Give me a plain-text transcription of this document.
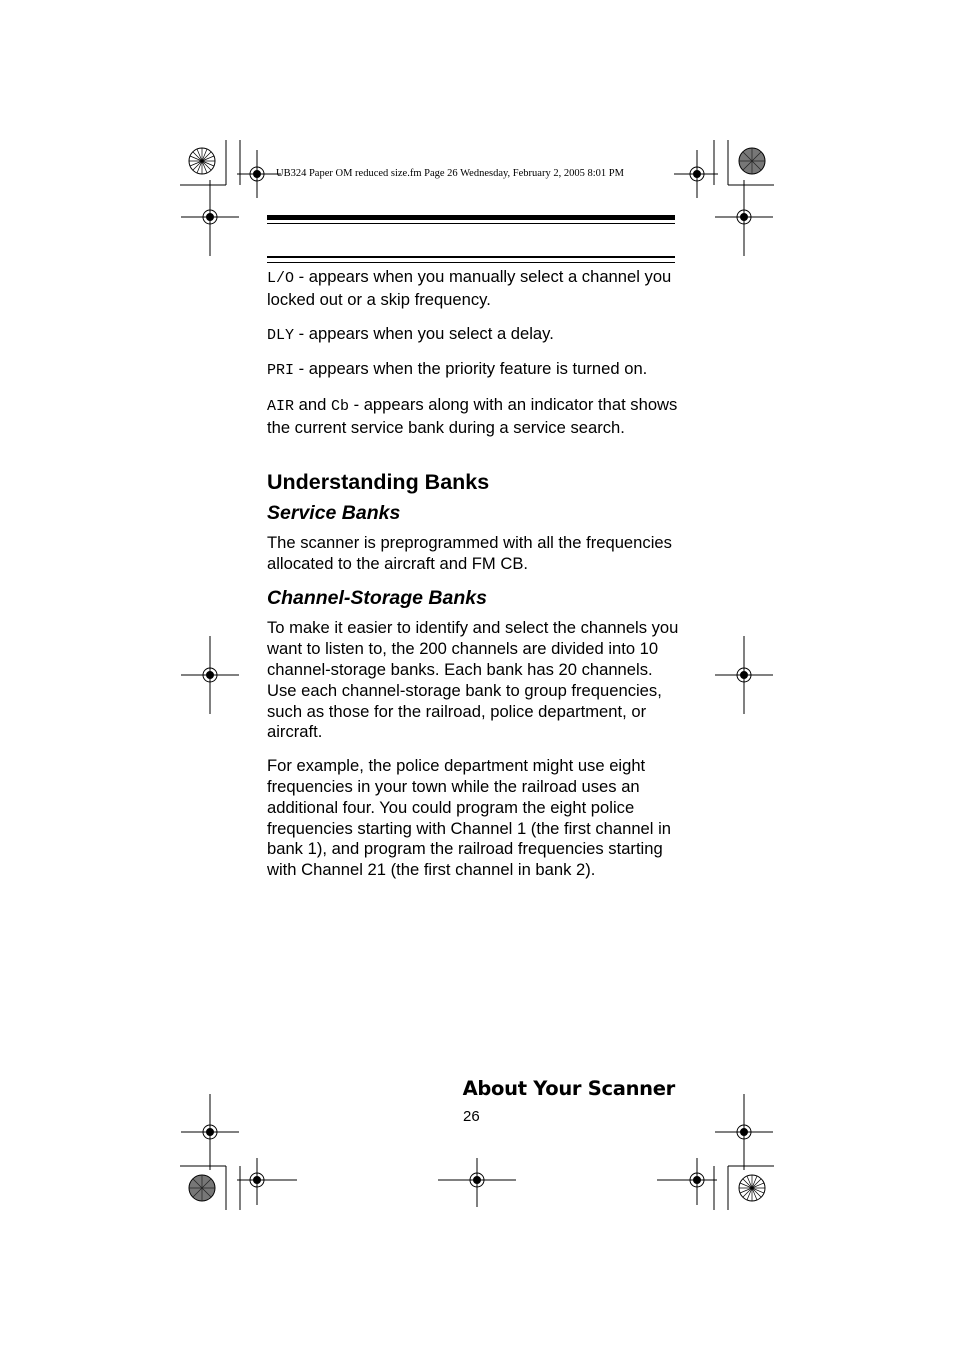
UB324 Paper OM reduced size.fm Page 26 Wednesday, February 2, 2005 8:01 PM

L/O - appears when you manually select a channel you locked out or a skip frequency.

DLY - appears when you select a delay.

PRI - appears when the priority feature is turned on.

AIR and Cb - appears along with an indicator that shows the current service bank during a service search.

Understanding Banks
Service Banks

The scanner is preprogrammed with all the frequencies allocated to the aircraft and FM CB.

Channel-Storage Banks

To make it easier to identify and select the channels you want to listen to, the 200 channels are divided into 10 channel-storage banks. Each bank has 20 channels. Use each channel-storage bank to group frequencies, such as those for the railroad, police department, or aircraft.

For example, the police department might use eight frequencies in your town while the railroad uses an additional four. You could program the eight police frequencies starting with Channel 1 (the first channel in bank 1), and program the railroad frequencies starting with Channel 21 (the first channel in bank 2).

About Your Scanner
26
